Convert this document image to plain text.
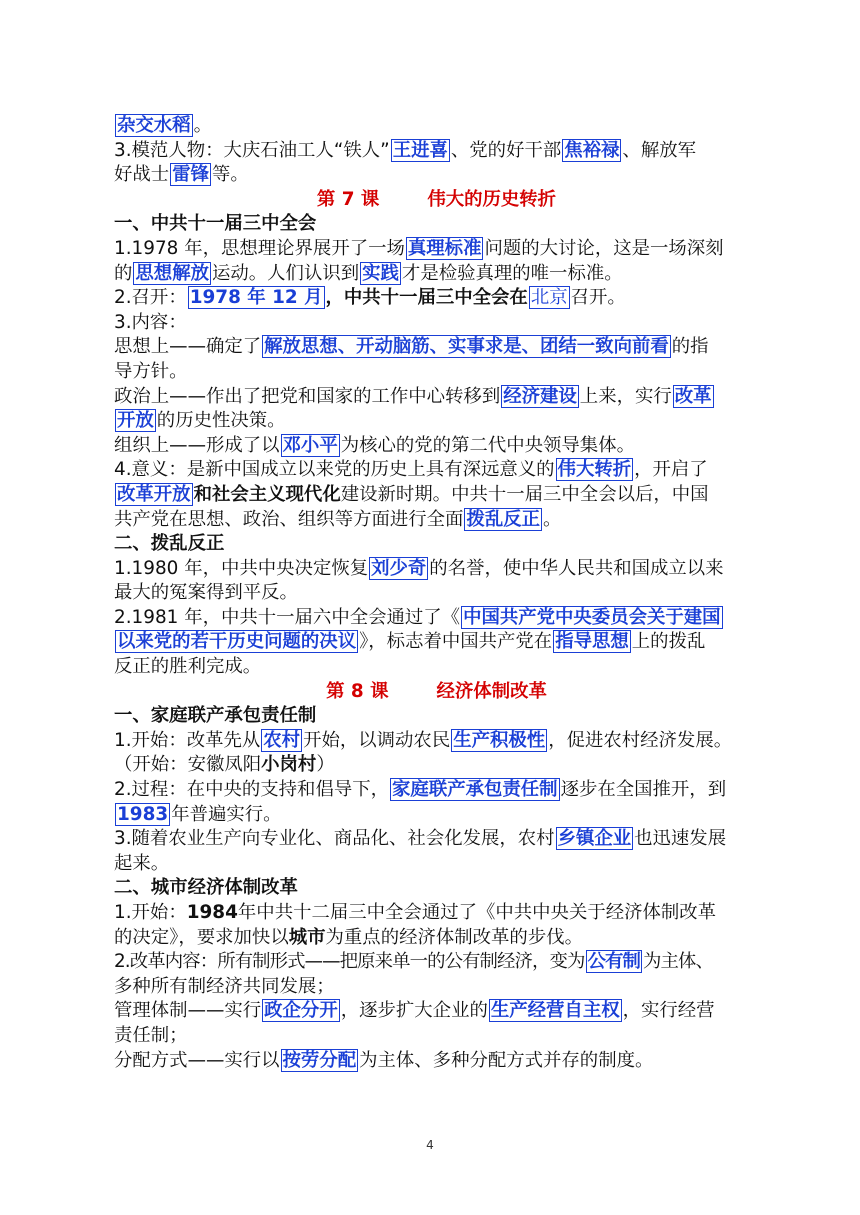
杂交水稻 。
3.模范人物：大庆石油工人“铁人” 王进喜 、党的好干部 焦裕禄 、解放军
好战士 雷锋 等。
第 7 课	伟大的历史转折
一、中共十一届三中全会
1.1978 年，思想理论界展开了一场 真理标准 问题的大讨论，这是一场深刻
的 思想解放 运动。人们认识到 实践 才是检验真理的唯一标准。
2.召开： 1978 年 12 月 ，中共十一届三中全会在 北京 召开。
3.内容：
思想上——确定了 解放思想、开动脑筋、实事求是、团结一致向前看 的指
导方针。
政治上——作出了把党和国家的工作中心转移到 经济建设 上来，实行 改革
开放 的历史性决策。
组织上——形成了以 邓小平 为核心的党的第二代中央领导集体。
4.意义：是新中国成立以来党的历史上具有深远意义的 伟大转折 ，开启了
改革开放 和社会主义现代化建设新时期。中共十一届三中全会以后，中国
共产党在思想、政治、组织等方面进行全面 拨乱反正 。
二、拨乱反正
1.1980 年，中共中央决定恢复 刘少奇 的名誉，使中华人民共和国成立以来
最大的冤案得到平反。
2.1981 年，中共十一届六中全会通过了《 中国共产党中央委员会关于建国
以来党的若干历史问题的决议 》，标志着中国共产党在 指导思想 上的拨乱
反正的胜利完成。
第 8 课	经济体制改革
一、家庭联产承包责任制
1.开始：改革先从 农村 开始，以调动农民 生产积极性 ，促进农村经济发展。
（开始：安徽凤阳小岗村）
2.过程：在中央的支持和倡导下， 家庭联产承包责任制 逐步在全国推开，到
1983 年普遍实行。
3.随着农业生产向专业化、商品化、社会化发展，农村 乡镇企业 也迅速发展
起来。
二、城市经济体制改革
1.开始：1984年中共十二届三中全会通过了《中共中央关于经济体制改革
的决定》，要求加快以城市为重点的经济体制改革的步伐。
2.改革内容：所有制形式——把原来单一的公有制经济，变为 公有制 为主体、
多种所有制经济共同发展；
管理体制——实行 政企分开 ，逐步扩大企业的 生产经营自主权 ，实行经营
责任制；
分配方式——实行以 按劳分配 为主体、多种分配方式并存的制度。
4
